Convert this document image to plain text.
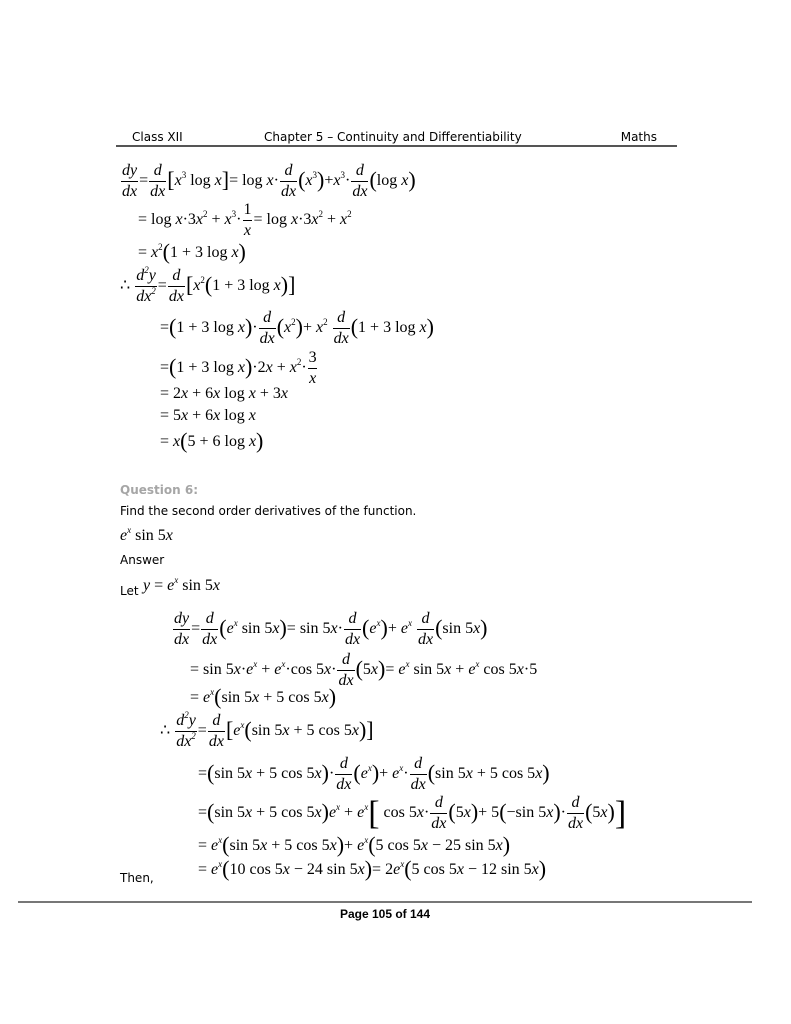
Class XII	Chapter 5 – Continuity and Differentiability	Maths
$\frac{dy}{dx} = \frac{d}{dx} [x^3$ $\log x]= \log x\cdot \frac{d}{dx} (x^3)+x^3\cdot \frac{d}{dx} (\log$ x)
= $\log x\cdot 3x^2 + x^3\cdot \frac{1}{x} = \log x\cdot 3x^2 + x^2$
= $x^2(1 + 3$ log x)
∴ $\frac{d^2y}{dx^2} = \frac{d}{dx} [x^2(1 + 3$ log x)]
=(1 + 3 $\log x)\cdot \frac{d}{dx} (x^2)+ x^2 \frac{d}{dx} (1 + 3$ log x)
=(1 + 3 $\log x)\cdot 2x + x^2\cdot \frac{3}{x}$
= 2x + 6x log x + 3x
= 5x + 6x log x
= x(5 + 6 log x)
Question 6:
Find the second order derivatives of the function.
$e^x$ sin 5x
Answer
Let $y = e^x$ sin 5x
$\frac{dy}{dx} = \frac{d}{dx} (e^x$ $\sin 5x)= \sin 5x\cdot \frac{d}{dx} (e^x)+ e^x \frac{d}{dx} (\sin$ 5x)
= $\sin 5x\cdot e^x + e^x\cdot\cos$ $5x\cdot \frac{d}{dx} (5x)= e^x$ $\sin 5x + e^x$ cos 5x·5
= $e^x(\sin$ 5x + 5 cos 5x)
∴ $\frac{d^2y}{dx^2} = \frac{d}{dx} [e^x(\sin$ 5x + 5 cos 5x)]
=(sin 5x + 5 $\cos 5x)\cdot \frac{d}{dx} (e^x)+ e^x\cdot \frac{d}{dx} (\sin$ 5x + 5 cos 5x)
=(sin 5x + 5 $\cos 5x)e^x + e^x$[ $\cos 5x\cdot \frac{d}{dx} (5x)+ 5(-\sin$ $5x)\cdot \frac{d}{dx} (5x)$]
= $e^x(\sin$ 5x + 5 $\cos 5x)+ e^x(5$ cos 5x − 25 sin 5x)
= $e^x(10$ cos 5x − 24 $\sin 5x)= 2e^x(5$ cos 5x − 12 sin 5x)
Then,
Page 105 of 144
